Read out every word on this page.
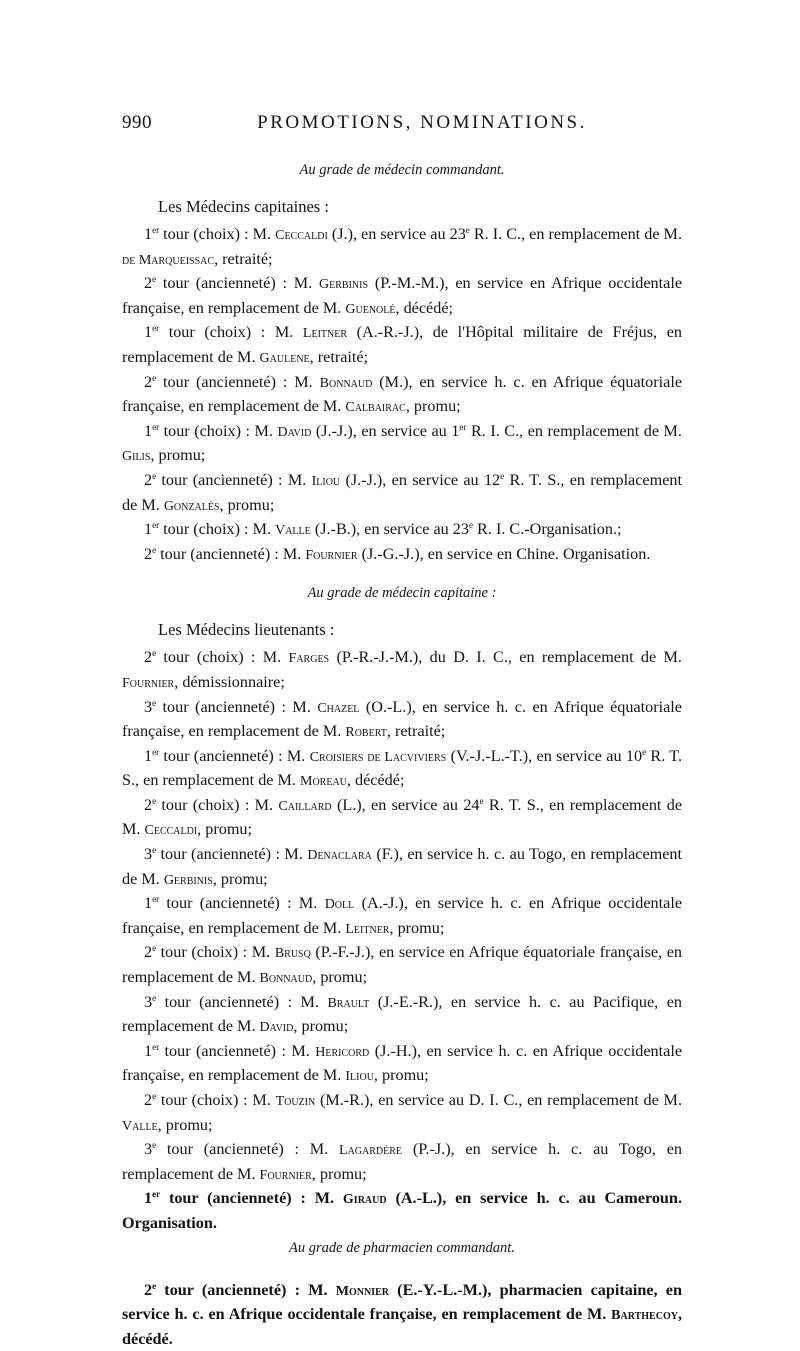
990	PROMOTIONS, NOMINATIONS.

Au grade de médecin commandant.

Les Médecins capitaines :

1er tour (choix) : M. Ceccaldi (J.), en service au 23e R. I. C., en remplacement de M. de Marqueissac, retraité;

2e tour (ancienneté) : M. Gerbinis (P.-M.-M.), en service en Afrique occidentale française, en remplacement de M. Guenolé, décédé;

1er tour (choix) : M. Leitner (A.-R.-J.), de l'Hôpital militaire de Fréjus, en remplacement de M. Gaulene, retraité;

2e tour (ancienneté) : M. Bonnaud (M.), en service h. c. en Afrique équatoriale française, en remplacement de M. Calbairac, promu;

1er tour (choix) : M. David (J.-J.), en service au 1er R. I. C., en remplacement de M. Gilis, promu;

2e tour (ancienneté) : M. Iliou (J.-J.), en service au 12e R. T. S., en remplacement de M. Gonzalès, promu;

1er tour (choix) : M. Valle (J.-B.), en service au 23e R. I. C.-Organisation.;

2e tour (ancienneté) : M. Fournier (J.-G.-J.), en service en Chine. Organisation.

Au grade de médecin capitaine :

Les Médecins lieutenants :

2e tour (choix) : M. Farges (P.-R.-J.-M.), du D. I. C., en remplacement de M. Fournier, démissionnaire;

3e tour (ancienneté) : M. Chazel (O.-L.), en service h. c. en Afrique équatoriale française, en remplacement de M. Robert, retraité;

1er tour (ancienneté) : M. Croisiers de Lacviviers (V.-J.-L.-T.), en service au 10e R. T. S., en remplacement de M. Moreau, décédé;

2e tour (choix) : M. Caillard (L.), en service au 24e R. T. S., en remplacement de M. Ceccaldi, promu;

3e tour (ancienneté) : M. Denaclara (F.), en service h. c. au Togo, en remplacement de M. Gerbinis, promu;

1er tour (ancienneté) : M. Doll (A.-J.), en service h. c. en Afrique occidentale française, en remplacement de M. Leitner, promu;

2e tour (choix) : M. Brusq (P.-F.-J.), en service en Afrique équatoriale française, en remplacement de M. Bonnaud, promu;

3e tour (ancienneté) : M. Brault (J.-E.-R.), en service h. c. au Pacifique, en remplacement de M. David, promu;

1er tour (ancienneté) : M. Hericord (J.-H.), en service h. c. en Afrique occidentale française, en remplacement de M. Iliou, promu;

2e tour (choix) : M. Touzin (M.-R.), en service au D. I. C., en remplacement de M. Valle, promu;

3e tour (ancienneté) : M. Lagardère (P.-J.), en service h. c. au Togo, en remplacement de M. Fournier, promu;

1er tour (ancienneté) : M. Giraud (A.-L.), en service h. c. au Cameroun. Organisation.

Au grade de pharmacien commandant.

2e tour (ancienneté) : M. Monnier (E.-Y.-L.-M.), pharmacien capitaine, en service h. c. en Afrique occidentale française, en remplacement de M. Barthecoy, décédé.
